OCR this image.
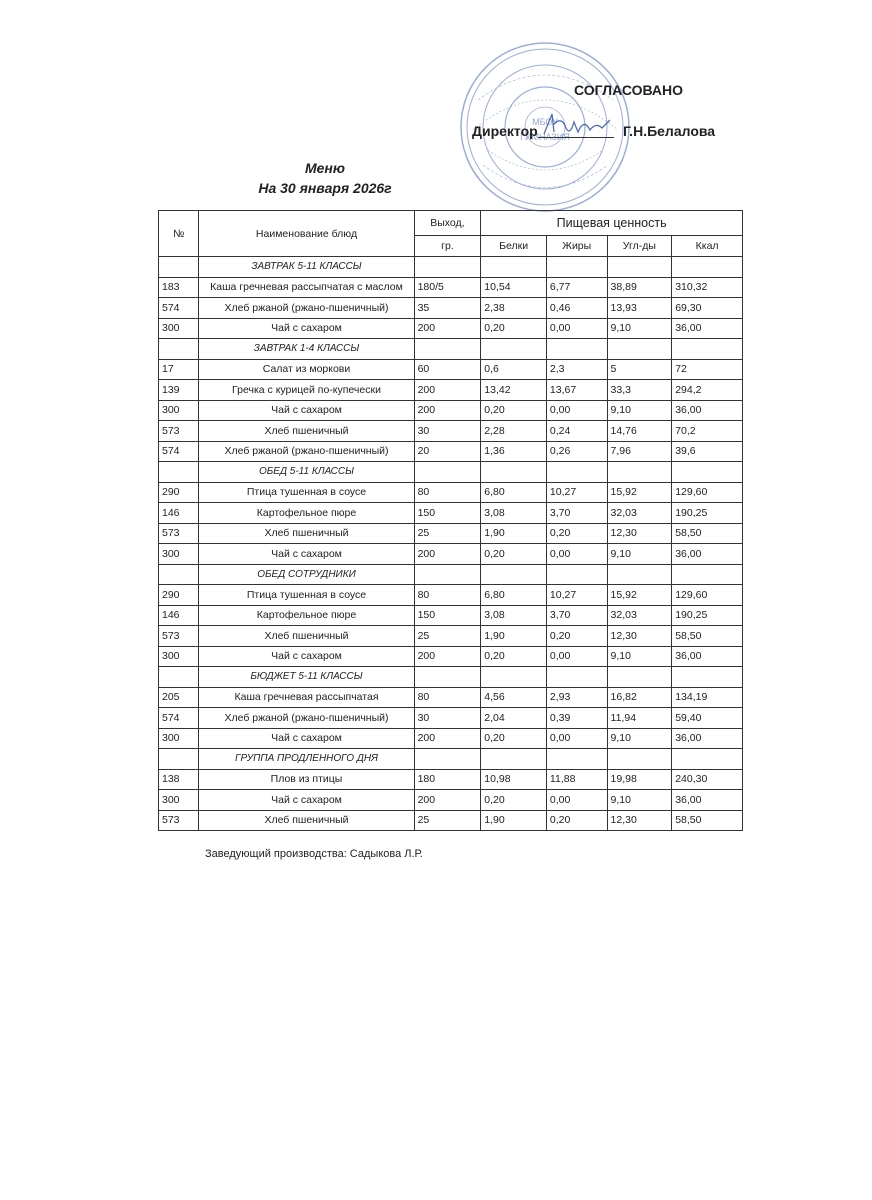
МБОУ
ГИМНАЗИЯ
СОГЛАСОВАНО
Директор	Г.Н.Белалова
Меню
На 30 января 2026г
№	Наименование блюд	Выход,	Пищевая ценность			
		гр.	Белки	Жиры	Угл-ды	Ккал
	ЗАВТРАК 5-11 КЛАССЫ					
183	Каша гречневая рассыпчатая с маслом	180/5	10,54	6,77	38,89	310,32
574	Хлеб ржаной (ржано-пшеничный)	35	2,38	0,46	13,93	69,30
300	Чай с сахаром	200	0,20	0,00	9,10	36,00
	ЗАВТРАК 1-4 КЛАССЫ					
17	Салат из моркови	60	0,6	2,3	5	72
139	Гречка с курицей по-купечески	200	13,42	13,67	33,3	294,2
300	Чай с сахаром	200	0,20	0,00	9,10	36,00
573	Хлеб пшеничный	30	2,28	0,24	14,76	70,2
574	Хлеб ржаной (ржано-пшеничный)	20	1,36	0,26	7,96	39,6
	ОБЕД 5-11 КЛАССЫ					
290	Птица тушенная в соусе	80	6,80	10,27	15,92	129,60
146	Картофельное пюре	150	3,08	3,70	32,03	190,25
573	Хлеб пшеничный	25	1,90	0,20	12,30	58,50
300	Чай с сахаром	200	0,20	0,00	9,10	36,00
	ОБЕД СОТРУДНИКИ					
290	Птица тушенная в соусе	80	6,80	10,27	15,92	129,60
146	Картофельное пюре	150	3,08	3,70	32,03	190,25
573	Хлеб пшеничный	25	1,90	0,20	12,30	58,50
300	Чай с сахаром	200	0,20	0,00	9,10	36,00
	БЮДЖЕТ 5-11 КЛАССЫ					
205	Каша гречневая рассыпчатая	80	4,56	2,93	16,82	134,19
574	Хлеб ржаной (ржано-пшеничный)	30	2,04	0,39	11,94	59,40
300	Чай с сахаром	200	0,20	0,00	9,10	36,00
	ГРУППА ПРОДЛЕННОГО ДНЯ					
138	Плов из птицы	180	10,98	11,88	19,98	240,30
300	Чай с сахаром	200	0,20	0,00	9,10	36,00
573	Хлеб пшеничный	25	1,90	0,20	12,30	58,50
Заведующий производства: Садыкова Л.Р.
